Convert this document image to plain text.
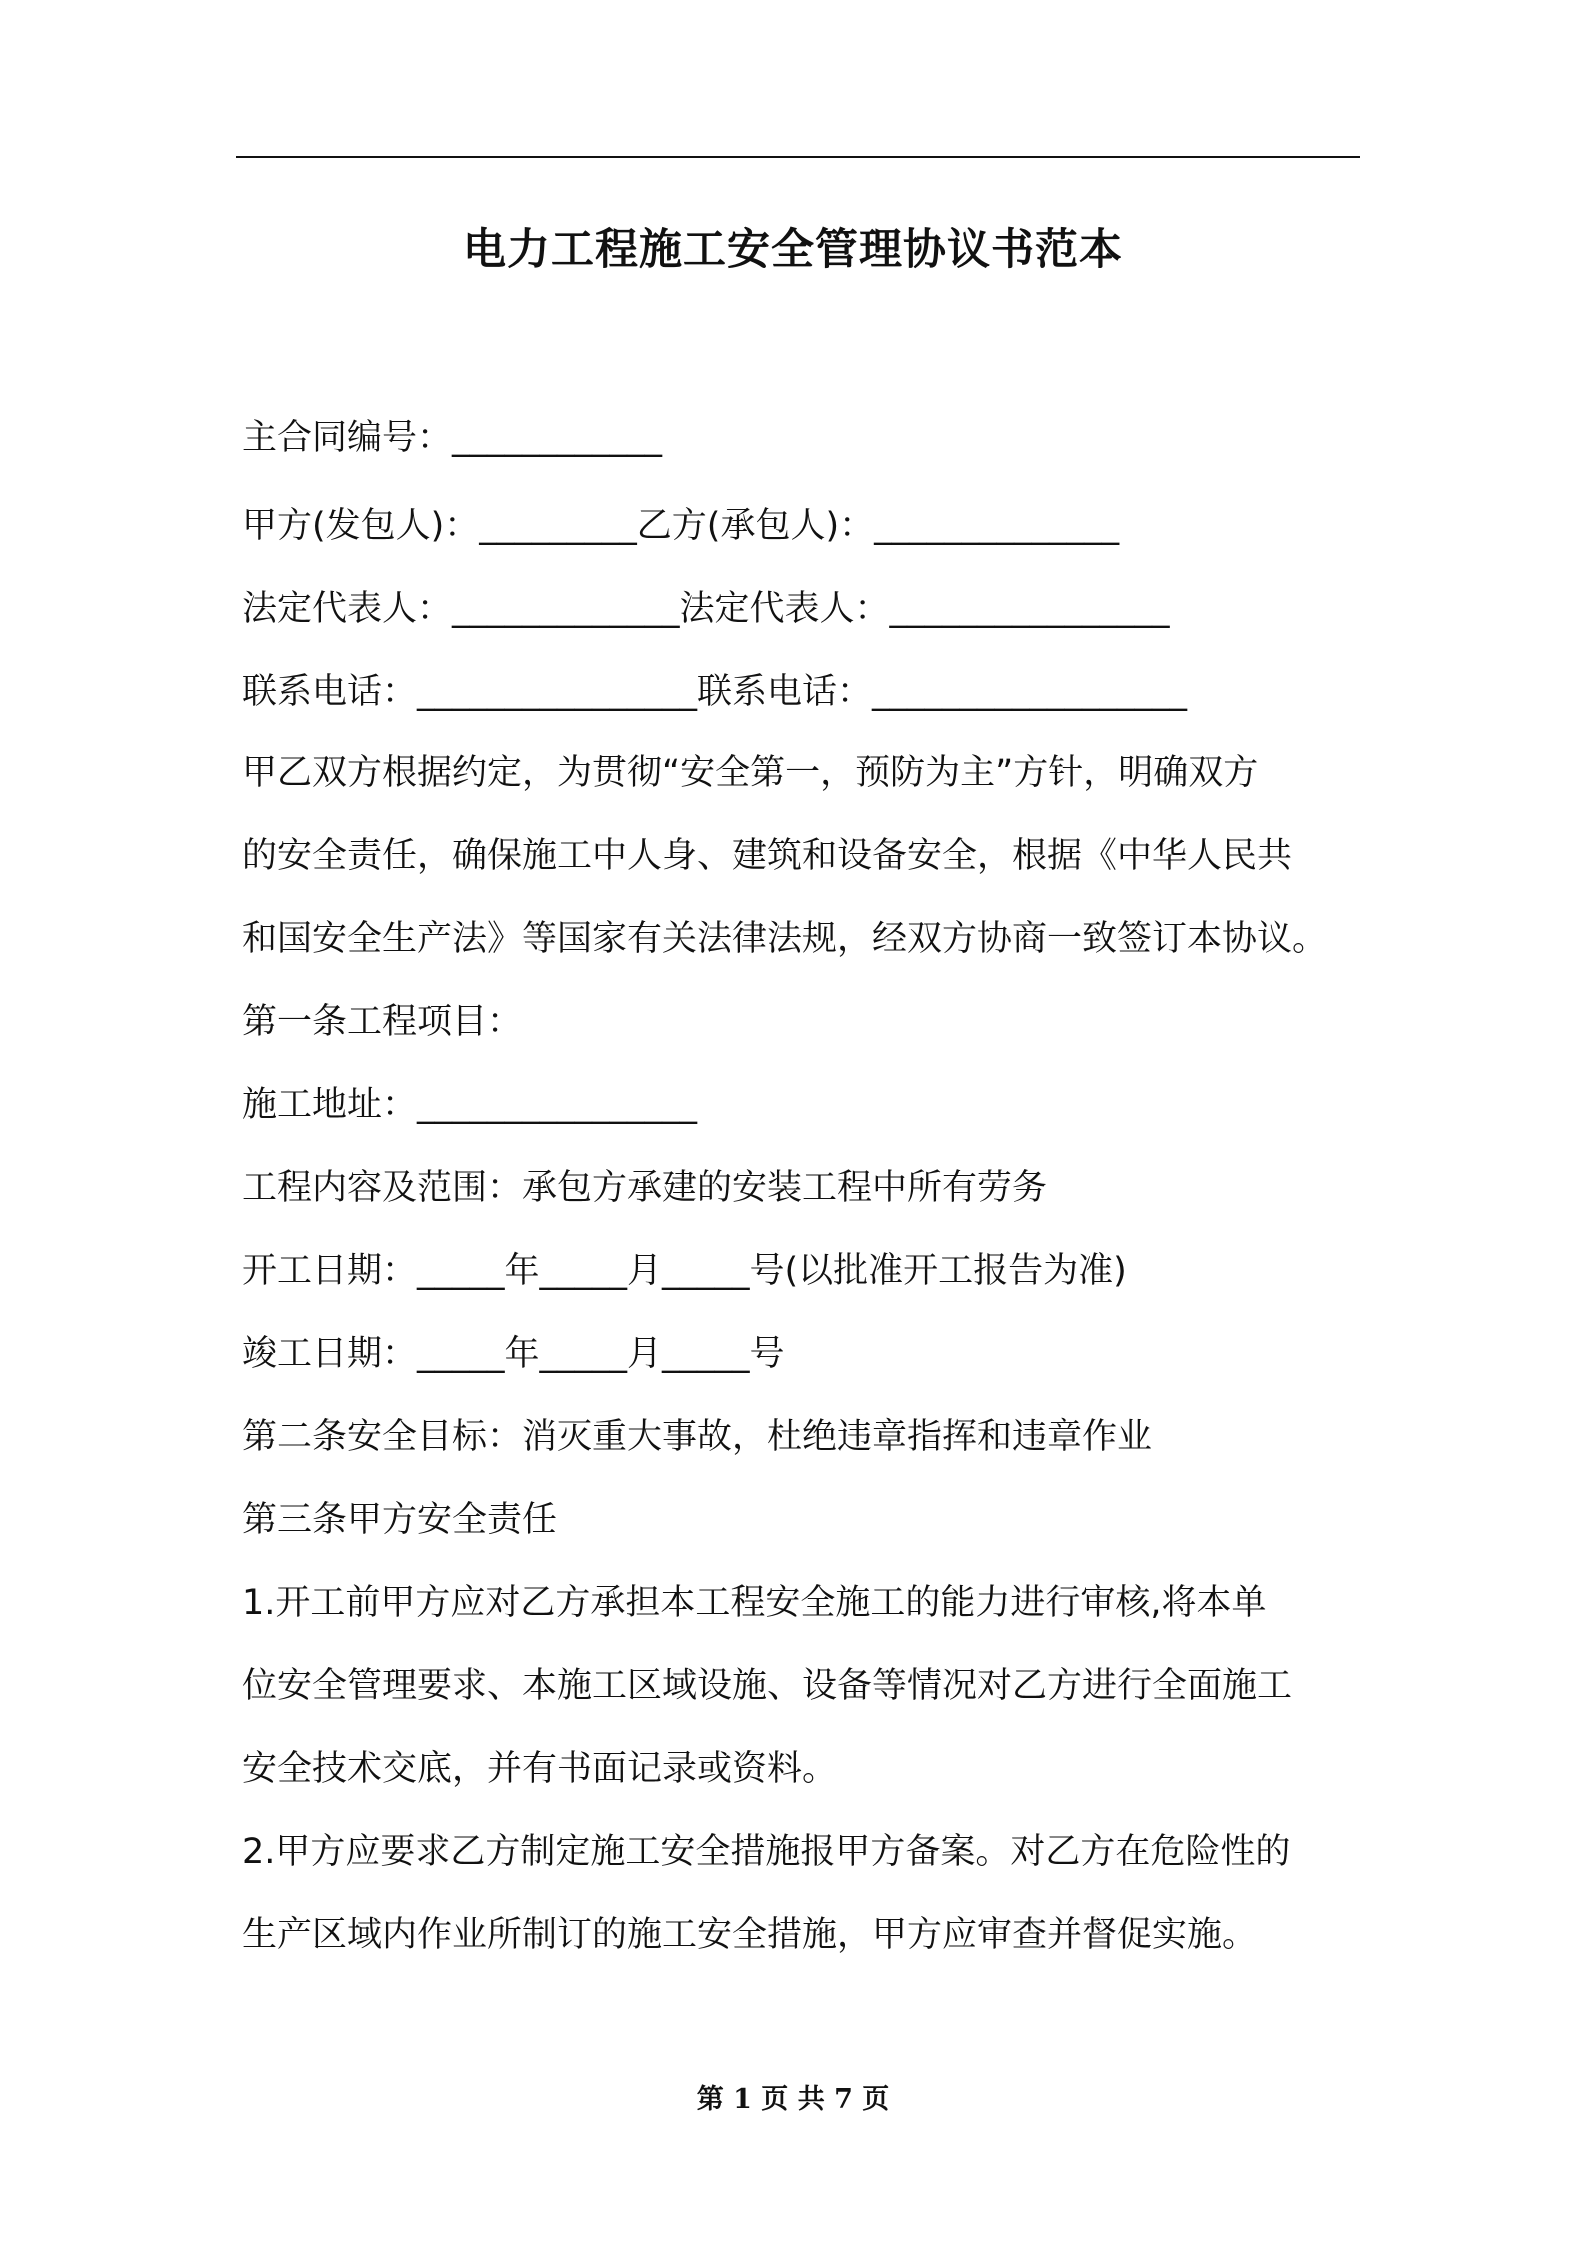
电力工程施工安全管理协议书范本
主合同编号：____________
甲方(发包人)：_________乙方(承包人)：______________
法定代表人：_____________法定代表人：________________
联系电话：________________联系电话：__________________
甲乙双方根据约定，为贯彻“安全第一，预防为主”方针，明确双方
的安全责任，确保施工中人身、建筑和设备安全，根据《中华人民共
和国安全生产法》等国家有关法律法规，经双方协商一致签订本协议。
第一条工程项目：
施工地址：________________
工程内容及范围：承包方承建的安装工程中所有劳务
开工日期：_____年_____月_____号(以批准开工报告为准)
竣工日期：_____年_____月_____号
第二条安全目标：消灭重大事故，杜绝违章指挥和违章作业
第三条甲方安全责任
1.开工前甲方应对乙方承担本工程安全施工的能力进行审核,将本单
位安全管理要求、本施工区域设施、设备等情况对乙方进行全面施工
安全技术交底，并有书面记录或资料。
2.甲方应要求乙方制定施工安全措施报甲方备案。对乙方在危险性的
生产区域内作业所制订的施工安全措施，甲方应审查并督促实施。
第 1 页 共 7 页
